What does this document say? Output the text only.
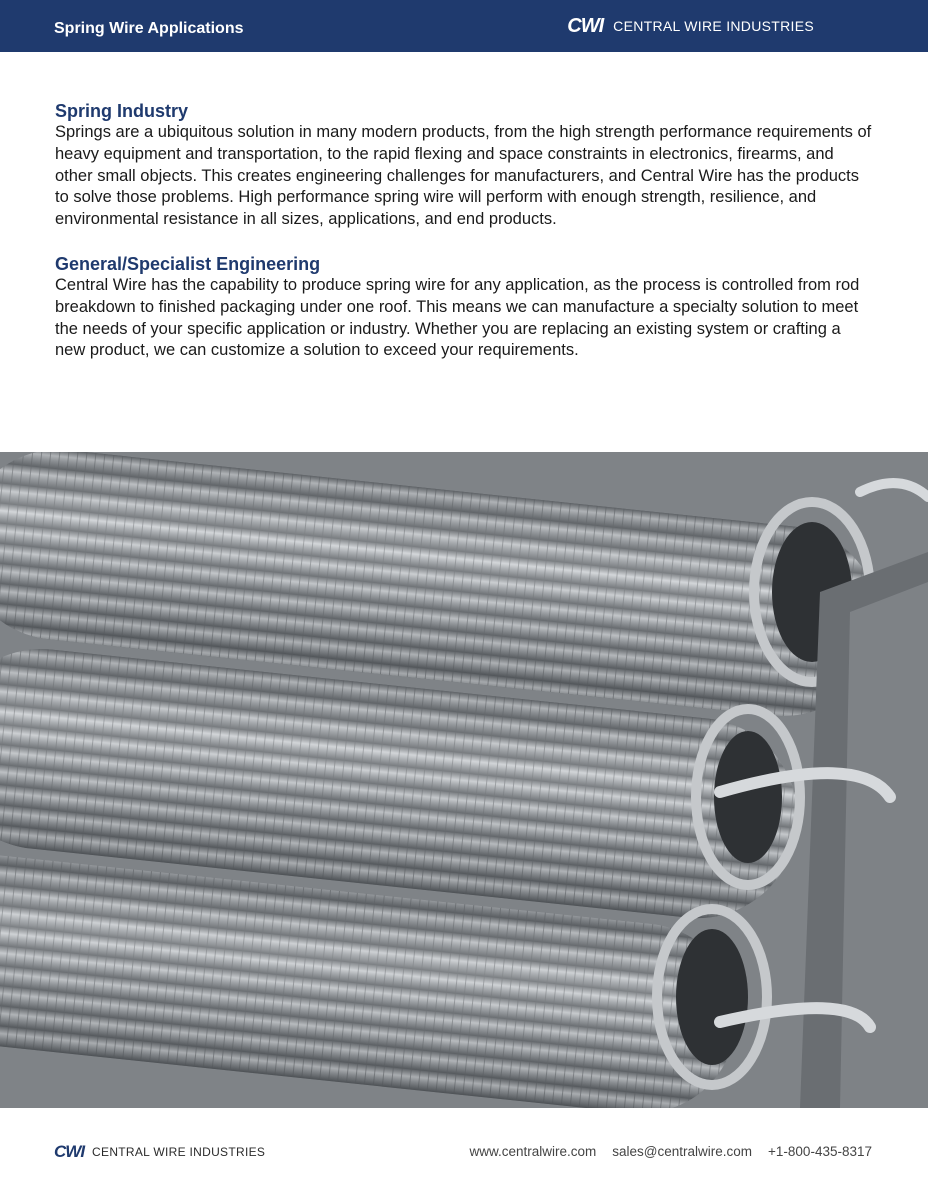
Spring Wire Applications	CWI CENTRAL WIRE INDUSTRIES
Spring Industry

Springs are a ubiquitous solution in many modern products, from the high strength performance requirements of heavy equipment and transportation, to the rapid flexing and space constraints in electronics, firearms, and other small objects. This creates engineering challenges for manufacturers, and Central Wire has the products to solve those problems. High performance spring wire will perform with enough strength, resilience, and environmental resistance in all sizes, applications, and end products.

General/Specialist Engineering

Central Wire has the capability to produce spring wire for any application, as the process is controlled from rod breakdown to finished packaging under one roof. This means we can manufacture a specialty solution to meet the needs of your specific application or industry. Whether you are replacing an existing system or crafting a new product, we can customize a solution to exceed your requirements.

CWI CENTRAL WIRE INDUSTRIES	www.centralwire.com sales@centralwire.com +1-800-435-8317
